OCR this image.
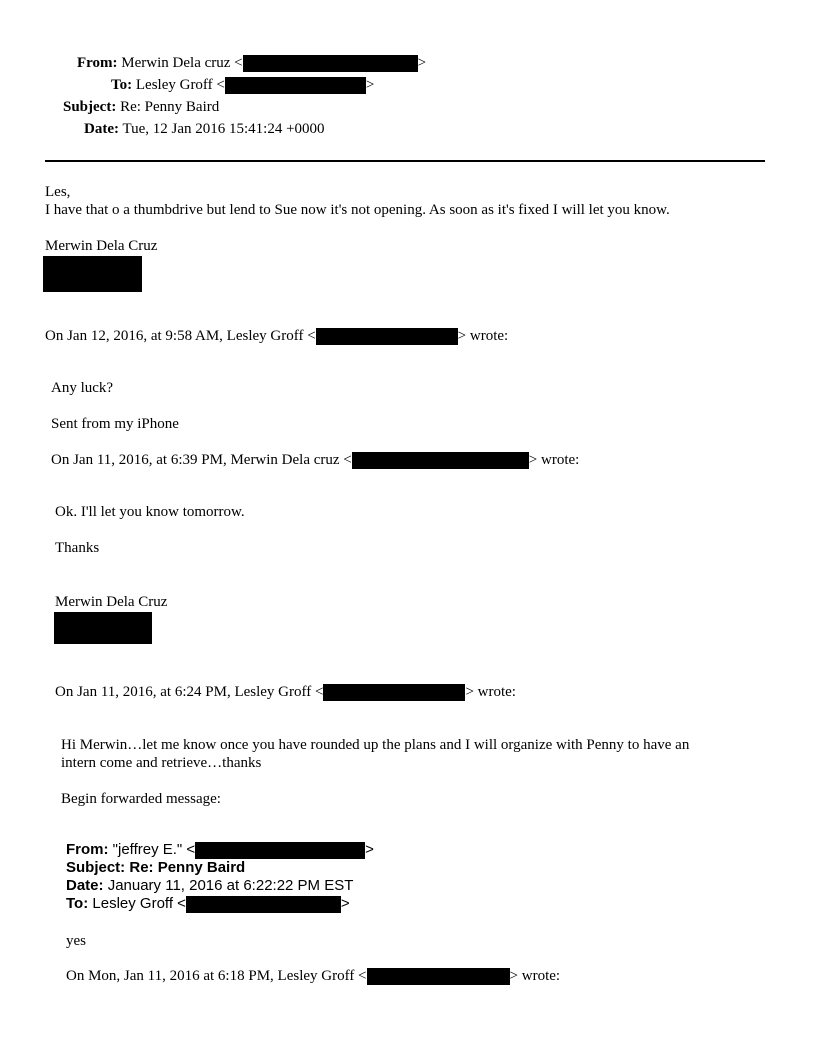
From: Merwin Dela cruz <	>
To: Lesley Groff <	>
Subject: Re: Penny Baird
Date: Tue, 12 Jan 2016 15:41:24 +0000
Les,
I have that o a thumbdrive but lend to Sue now it's not opening. As soon as it's fixed I will let you know.
Merwin Dela Cruz
On Jan 12, 2016, at 9:58 AM, Lesley Groff <	> wrote:
Any luck?
Sent from my iPhone
On Jan 11, 2016, at 6:39 PM, Merwin Dela cruz <	> wrote:
Ok. I'll let you know tomorrow.
Thanks
Merwin Dela Cruz
On Jan 11, 2016, at 6:24 PM, Lesley Groff <	> wrote:
Hi Merwin…let me know once you have rounded up the plans and I will organize with Penny to have an
intern come and retrieve…thanks
Begin forwarded message:
From: "jeffrey E." <	>
Subject: Re: Penny Baird
Date: January 11, 2016 at 6:22:22 PM EST
To: Lesley Groff <	>
yes
On Mon, Jan 11, 2016 at 6:18 PM, Lesley Groff <	> wrote:
